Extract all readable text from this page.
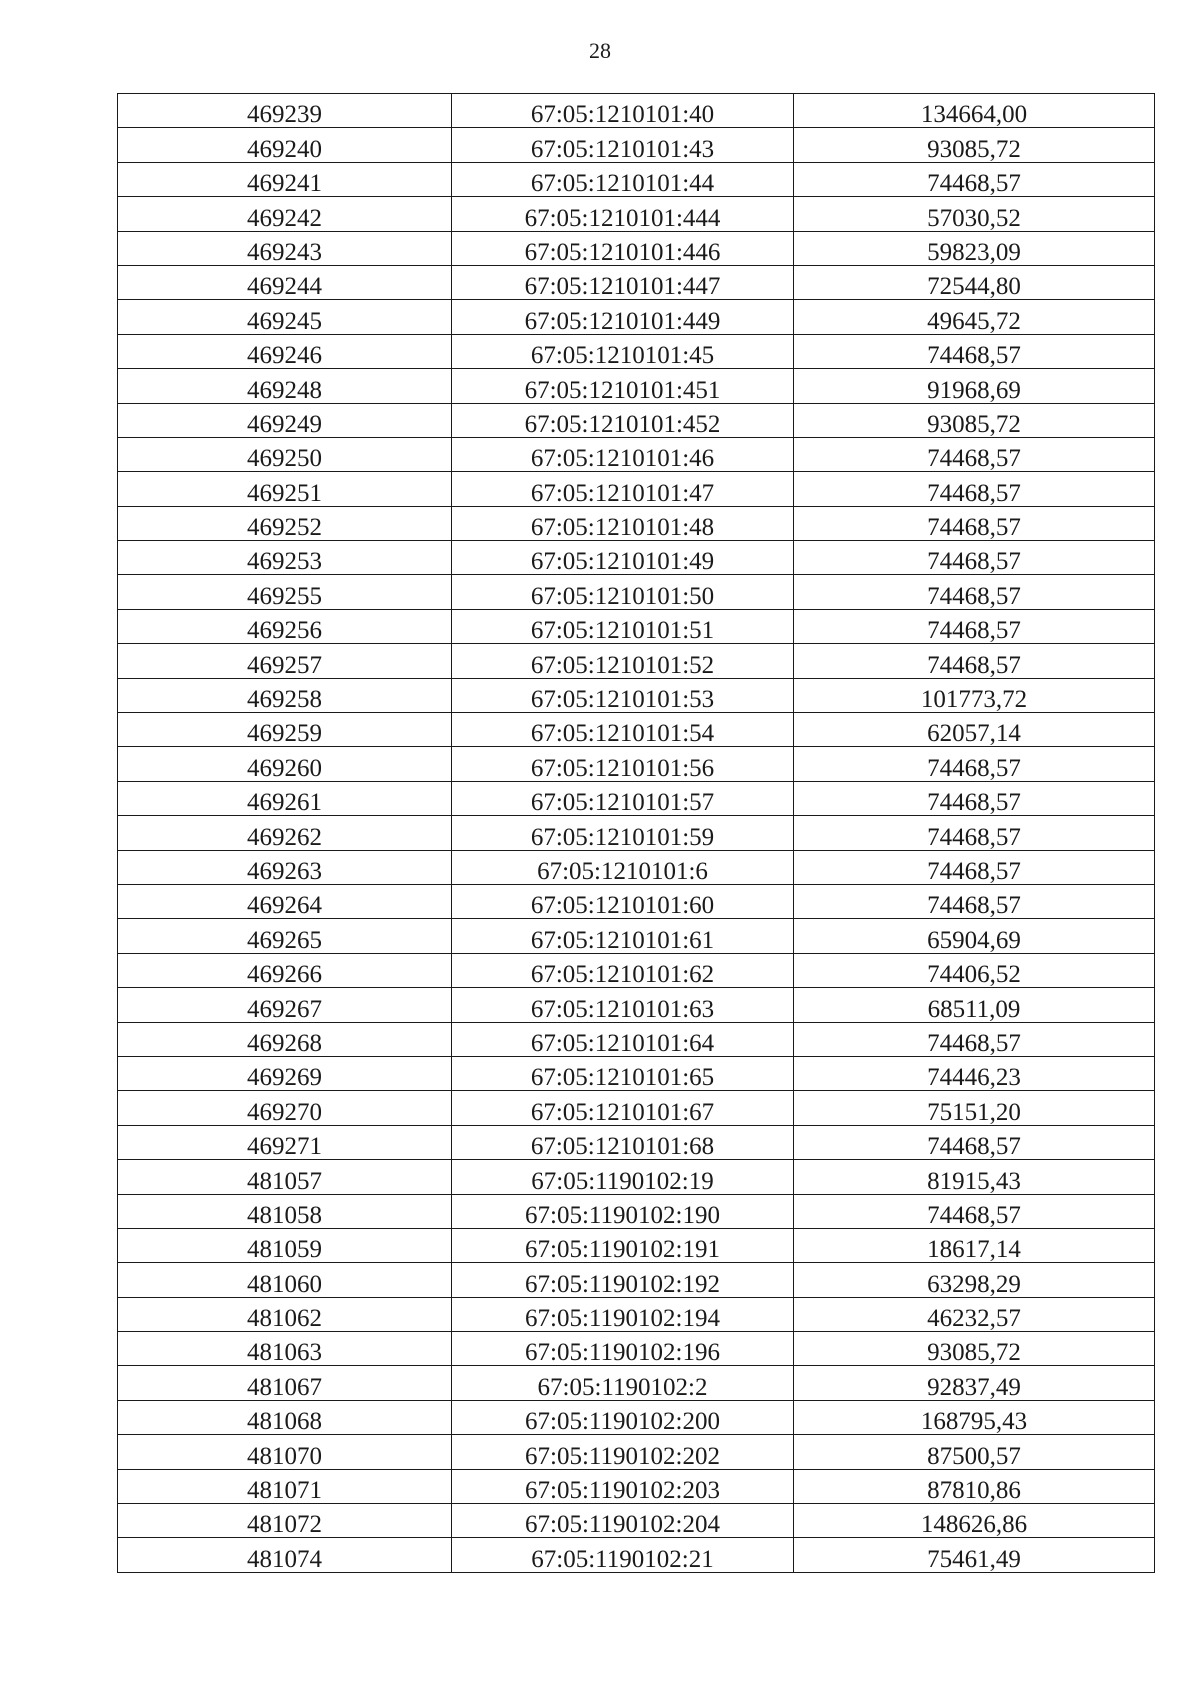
28
469239	67:05:1210101:40	134664,00
469240	67:05:1210101:43	93085,72
469241	67:05:1210101:44	74468,57
469242	67:05:1210101:444	57030,52
469243	67:05:1210101:446	59823,09
469244	67:05:1210101:447	72544,80
469245	67:05:1210101:449	49645,72
469246	67:05:1210101:45	74468,57
469248	67:05:1210101:451	91968,69
469249	67:05:1210101:452	93085,72
469250	67:05:1210101:46	74468,57
469251	67:05:1210101:47	74468,57
469252	67:05:1210101:48	74468,57
469253	67:05:1210101:49	74468,57
469255	67:05:1210101:50	74468,57
469256	67:05:1210101:51	74468,57
469257	67:05:1210101:52	74468,57
469258	67:05:1210101:53	101773,72
469259	67:05:1210101:54	62057,14
469260	67:05:1210101:56	74468,57
469261	67:05:1210101:57	74468,57
469262	67:05:1210101:59	74468,57
469263	67:05:1210101:6	74468,57
469264	67:05:1210101:60	74468,57
469265	67:05:1210101:61	65904,69
469266	67:05:1210101:62	74406,52
469267	67:05:1210101:63	68511,09
469268	67:05:1210101:64	74468,57
469269	67:05:1210101:65	74446,23
469270	67:05:1210101:67	75151,20
469271	67:05:1210101:68	74468,57
481057	67:05:1190102:19	81915,43
481058	67:05:1190102:190	74468,57
481059	67:05:1190102:191	18617,14
481060	67:05:1190102:192	63298,29
481062	67:05:1190102:194	46232,57
481063	67:05:1190102:196	93085,72
481067	67:05:1190102:2	92837,49
481068	67:05:1190102:200	168795,43
481070	67:05:1190102:202	87500,57
481071	67:05:1190102:203	87810,86
481072	67:05:1190102:204	148626,86
481074	67:05:1190102:21	75461,49
